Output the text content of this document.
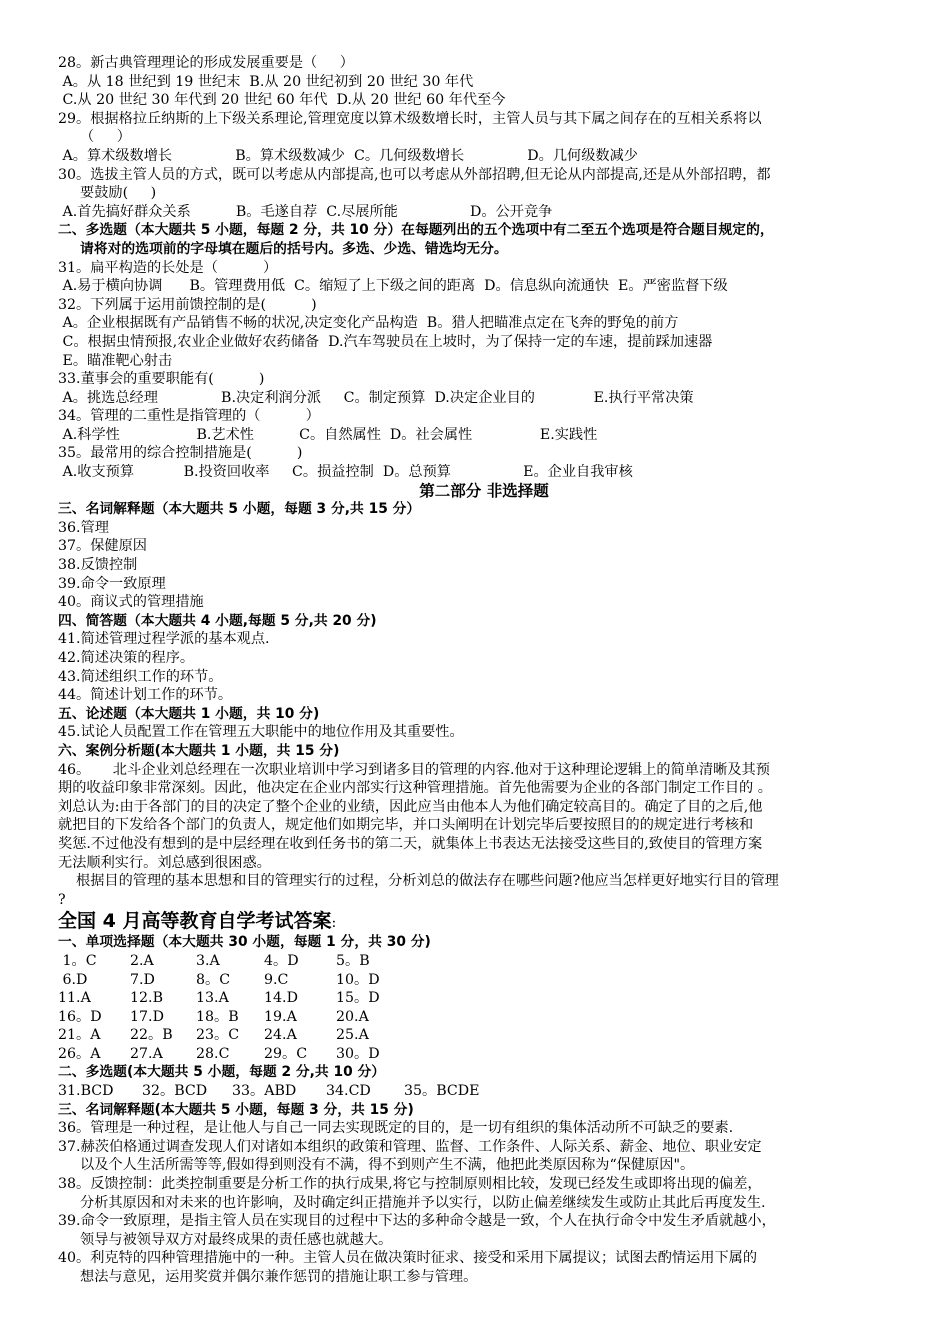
28。新古典管理理论的形成发展重要是（     ）
A。从 18 世纪到 19 世纪末  B.从 20 世纪初到 20 世纪 30 年代
C.从 20 世纪 30 年代到 20 世纪 60 年代  D.从 20 世纪 60 年代至今
29。根据格拉丘纳斯的上下级关系理论,管理宽度以算术级数增长时，主管人员与其下属之间存在的互相关系将以
（     ）
A。算术级数增长              B。算术级数减少  C。几何级数增长              D。几何级数减少
30。选拔主管人员的方式，既可以考虑从内部提高,也可以考虑从外部招聘,但无论从内部提高,还是从外部招聘，都
要鼓励(     )
A.首先搞好群众关系          B。毛遂自荐  C.尽展所能                D。公开竞争
二、多选题（本大题共 5 小题，每题 2 分，共 10 分）在每题列出的五个选项中有二至五个选项是符合题目规定的，
请将对的选项前的字母填在题后的括号内。多选、少选、错选均无分。
31。扁平构造的长处是（          ）
A.易于横向协调      B。管理费用低  C。缩短了上下级之间的距离  D。信息纵向流通快  E。严密监督下级
32。下列属于运用前馈控制的是(          )
A。企业根据既有产品销售不畅的状况,决定变化产品构造  B。猎人把瞄准点定在飞奔的野兔的前方
C。根据虫情预报,农业企业做好农药储备  D.汽车驾驶员在上坡时，为了保持一定的车速，提前踩加速器
E。瞄准靶心射击
33.董事会的重要职能有(          )
A。挑选总经理              B.决定利润分派     C。制定预算  D.决定企业目的             E.执行平常决策
34。管理的二重性是指管理的（          ）
A.科学性                 B.艺术性          C。自然属性  D。社会属性               E.实践性
35。最常用的综合控制措施是(          )
A.收支预算           B.投资回收率     C。损益控制  D。总预算                E。企业自我审核
第二部分 非选择题
三、名词解释题（本大题共 5 小题，每题 3 分,共 15 分）
36.管理
37。保健原因
38.反馈控制
39.命令一致原理
40。商议式的管理措施
四、简答题（本大题共 4 小题,每题 5 分,共 20 分)
41.简述管理过程学派的基本观点.
42.简述决策的程序。
43.简述组织工作的环节。
44。简述计划工作的环节。
五、论述题（本大题共 1 小题，共 10 分)
45.试论人员配置工作在管理五大职能中的地位作用及其重要性。
六、案例分析题(本大题共 1 小题，共 15 分)
46。     北斗企业刘总经理在一次职业培训中学习到诸多目的管理的内容.他对于这种理论逻辑上的简单清晰及其预
期的收益印象非常深刻。因此，他决定在企业内部实行这种管理措施。首先他需要为企业的各部门制定工作目的 。
刘总认为:由于各部门的目的决定了整个企业的业绩，因此应当由他本人为他们确定较高目的。确定了目的之后,他
就把目的下发给各个部门的负责人，规定他们如期完毕，并口头阐明在计划完毕后要按照目的的规定进行考核和
奖惩.不过他没有想到的是中层经理在收到任务书的第二天，就集体上书表达无法接受这些目的,致使目的管理方案
无法顺利实行。刘总感到很困惑。
根据目的管理的基本思想和目的管理实行的过程，分析刘总的做法存在哪些问题?他应当怎样更好地实行目的管理
?
全国 4 月高等教育自学考试答案:
一、单项选择题（本大题共 30 小题，每题 1 分，共 30 分)
1。C	2.A	3.A	4。D	5。B
6.D	7.D	8。C	9.C	10。D
11.A	12.B	13.A	14.D	15。D
16。D	17.D	18。B	19.A	20.A
21。A	22。B	23。C	24.A	25.A
26。A	27.A	28.C	29。C	30。D
二、多选题(本大题共 5 小题，每题 2 分,共 10 分）
31.BCD	32。BCD	33。ABD	34.CD	35。BCDE
三、名词解释题(本大题共 5 小题，每题 3 分，共 15 分)
36。管理是一种过程，是让他人与自己一同去实现既定的目的，是一切有组织的集体活动所不可缺乏的要素.
37.赫茨伯格通过调查发现人们对诸如本组织的政策和管理、监督、工作条件、人际关系、薪金、地位、职业安定
以及个人生活所需等等,假如得到则没有不满，得不到则产生不满，他把此类原因称为“保健原因"。
38。反馈控制：此类控制重要是分析工作的执行成果,将它与控制原则相比较，发现已经发生或即将出现的偏差，
分析其原因和对未来的也许影响，及时确定纠正措施并予以实行，以防止偏差继续发生或防止其此后再度发生.
39.命令一致原理，是指主管人员在实现目的过程中下达的多种命令越是一致，个人在执行命令中发生矛盾就越小，
领导与被领导双方对最终成果的责任感也就越大。
40。利克特的四种管理措施中的一种。主管人员在做决策时征求、接受和采用下属提议；试图去酌情运用下属的
想法与意见，运用奖赏并偶尔兼作惩罚的措施让职工参与管理。
